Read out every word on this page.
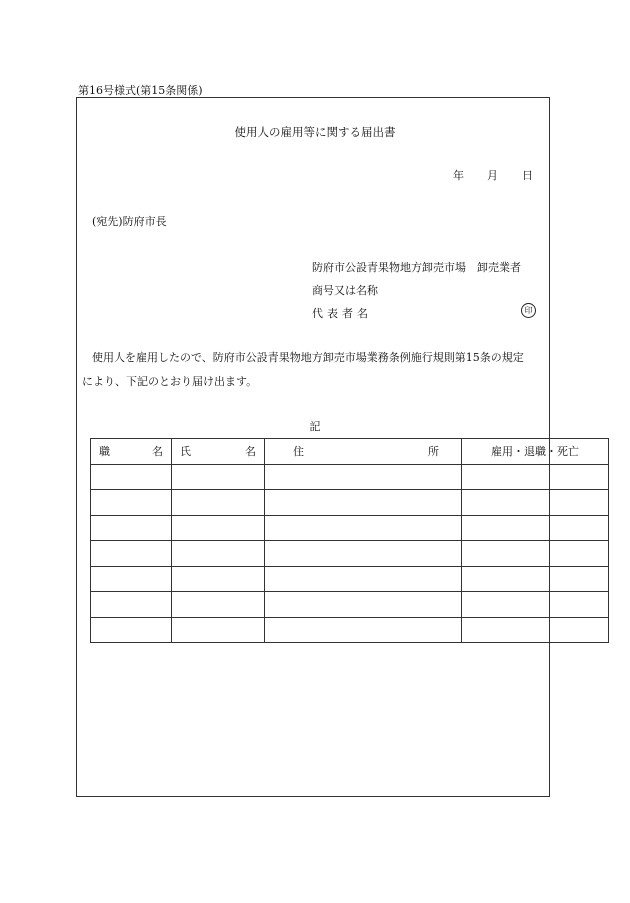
第16号様式(第15条関係)
使用人の雇用等に関する届出書
年 月 日
(宛先)防府市長
防府市公設青果物地方卸売市場　卸売業者
商号又は名称
代表者名	印
使用人を雇用したので、防府市公設青果物地方卸売市場業務条例施行規則第15条の規定
により、下記のとおり届け出ます。
記
職 名	氏 名	住 所	雇用・退職・死亡
